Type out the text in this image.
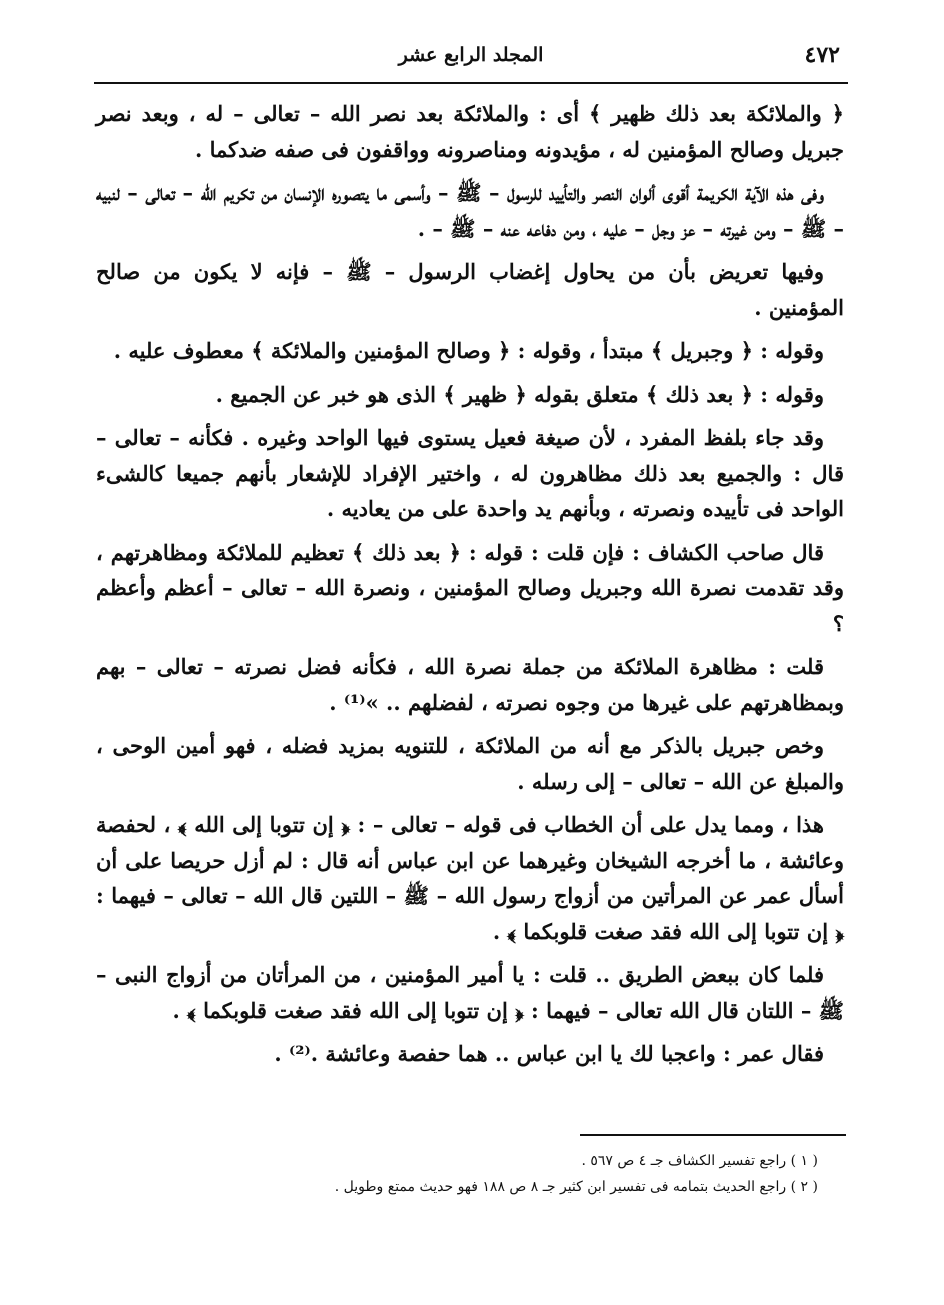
٤٧٢
المجلد الرابع عشر

﴿ والملائكة بعد ذلك ظهير ﴾ أى : والملائكة بعد نصر الله – تعالى – له ، وبعد نصر جبريل وصالح المؤمنين له ، مؤيدونه ومناصرونه وواقفون فى صفه ضدكما .

وفى هذه الآية الكريمة أقوى ألوان النصر والتأييد للرسول – ﷺ – وأسمى ما يتصوره الإنسان من تكريم الله – تعالى – لنبيه – ﷺ – ومن غيرته – عز وجل – عليه ، ومن دفاعه عنه – ﷺ – .

وفيها تعريض بأن من يحاول إغضاب الرسول – ﷺ – فإنه لا يكون من صالح المؤمنين .

وقوله : ﴿ وجبريل ﴾ مبتدأ ، وقوله : ﴿ وصالح المؤمنين والملائكة ﴾ معطوف عليه .

وقوله : ﴿ بعد ذلك ﴾ متعلق بقوله ﴿ ظهير ﴾ الذى هو خبر عن الجميع .

وقد جاء بلفظ المفرد ، لأن صيغة فعيل يستوى فيها الواحد وغيره . فكأنه – تعالى – قال : والجميع بعد ذلك مظاهرون له ، واختير الإفراد للإشعار بأنهم جميعا كالشىء الواحد فى تأييده ونصرته ، وبأنهم يد واحدة على من يعاديه .

قال صاحب الكشاف : فإن قلت : قوله : ﴿ بعد ذلك ﴾ تعظيم للملائكة ومظاهرتهم ، وقد تقدمت نصرة الله وجبريل وصالح المؤمنين ، ونصرة الله – تعالى – أعظم وأعظم ؟

قلت : مظاهرة الملائكة من جملة نصرة الله ، فكأنه فضل نصرته – تعالى – بهم وبمظاهرتهم على غيرها من وجوه نصرته ، لفضلهم .. »⁽¹⁾ .

وخص جبريل بالذكر مع أنه من الملائكة ، للتنويه بمزيد فضله ، فهو أمين الوحى ، والمبلغ عن الله – تعالى – إلى رسله .

هذا ، ومما يدل على أن الخطاب فى قوله – تعالى – : ﴿ إن تتوبا إلى الله ﴾ ، لحفصة وعائشة ، ما أخرجه الشيخان وغيرهما عن ابن عباس أنه قال : لم أزل حريصا على أن أسأل عمر عن المرأتين من أزواج رسول الله – ﷺ – اللتين قال الله – تعالى – فيهما : ﴿ إن تتوبا إلى الله فقد صغت قلوبكما ﴾ .

فلما كان ببعض الطريق .. قلت : يا أمير المؤمنين ، من المرأتان من أزواج النبى – ﷺ – اللتان قال الله تعالى – فيهما : ﴿ إن تتوبا إلى الله فقد صغت قلوبكما ﴾ .

فقال عمر : واعجبا لك يا ابن عباس .. هما حفصة وعائشة .⁽²⁾ .

( ١ ) راجع تفسير الكشاف جـ ٤ ص ٥٦٧ .

( ٢ ) راجع الحديث بتمامه فى تفسير ابن كثير جـ ٨ ص ١٨٨ فهو حديث ممتع وطويل .
